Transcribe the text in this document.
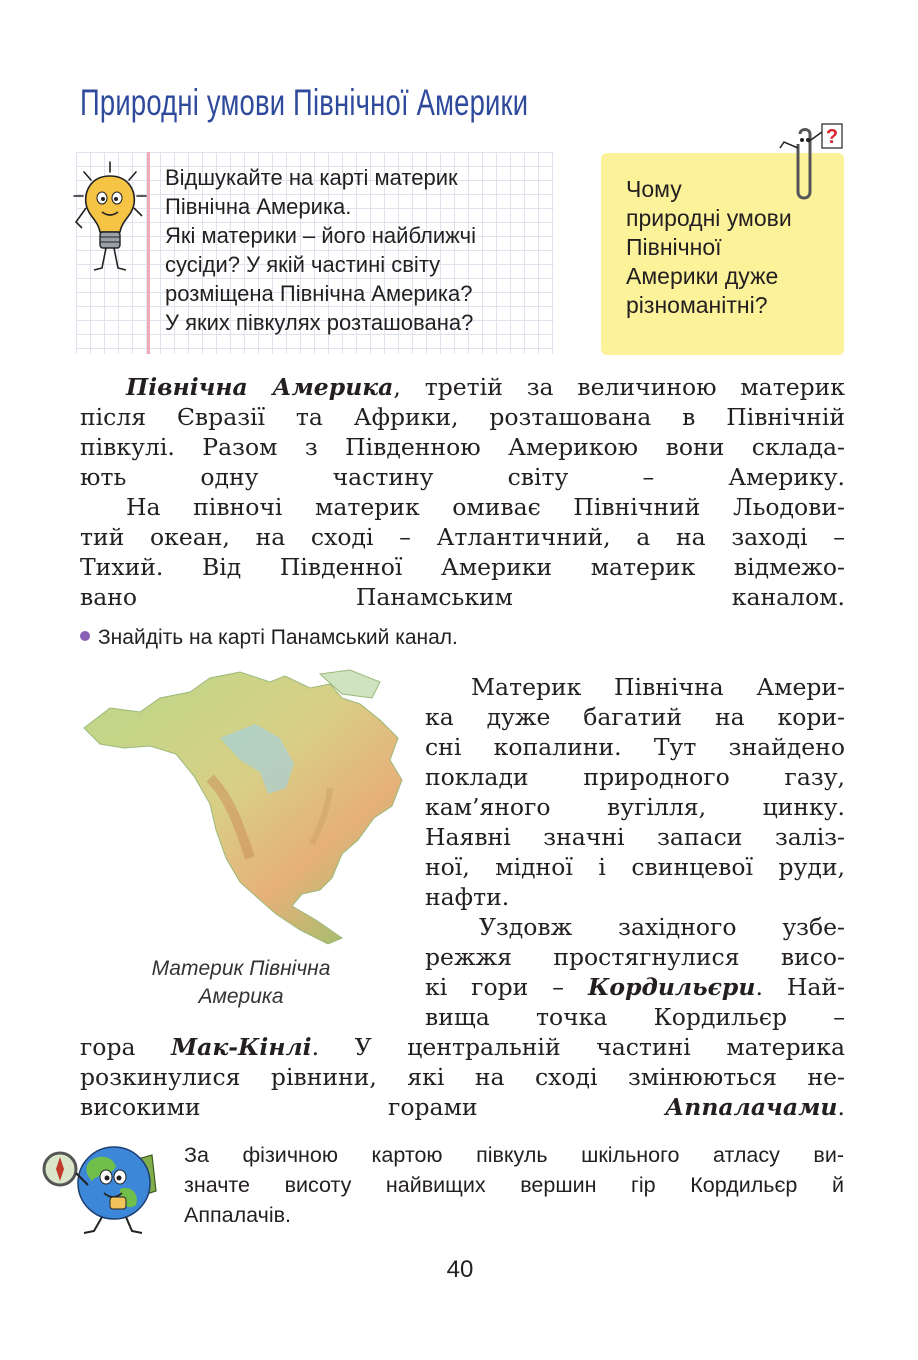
Природні умови Північної Америки
Відшукайте на карті материк
Північна Америка.
Які материки – його найближчі
сусіди? У якій частині світу
розміщена Північна Америка?
У яких півкулях розташована?
?
Чому
природні умови
Північної
Америки дуже
різноманітні?
Північна Америка, третій за величиною материк
після Євразії та Африки, розташована в Північній
півкулі. Разом з Південною Америкою вони склада-
ють одну частину світу – Америку.
На півночі материк омиває Північний Льодови-
тий океан, на сході – Атлантичний, а на заході –
Тихий. Від Південної Америки материк відмежо-
вано Панамським каналом.
Знайдіть на карті Панамський канал.
Материк Північна
Америка
Материк Північна Амери-
ка дуже багатий на кори-
сні копалини. Тут знайдено
поклади природного газу,
кам’яного вугілля, цинку.
Наявні значні запаси заліз-
ної, мідної і свинцевої руди,
нафти.
Уздовж західного узбе-
режжя простягнулися висо-
кі гори – Кордильєри. Най-
вища точка Кордильєр –
гора Мак-Кінлі. У центральній частині материка
розкинулися рівнини, які на сході змінюються не-
високими горами Аппалачами.
За фізичною картою півкуль шкільного атласу ви-
значте висоту найвищих вершин гір Кордильєр й
Аппалачів.
40
